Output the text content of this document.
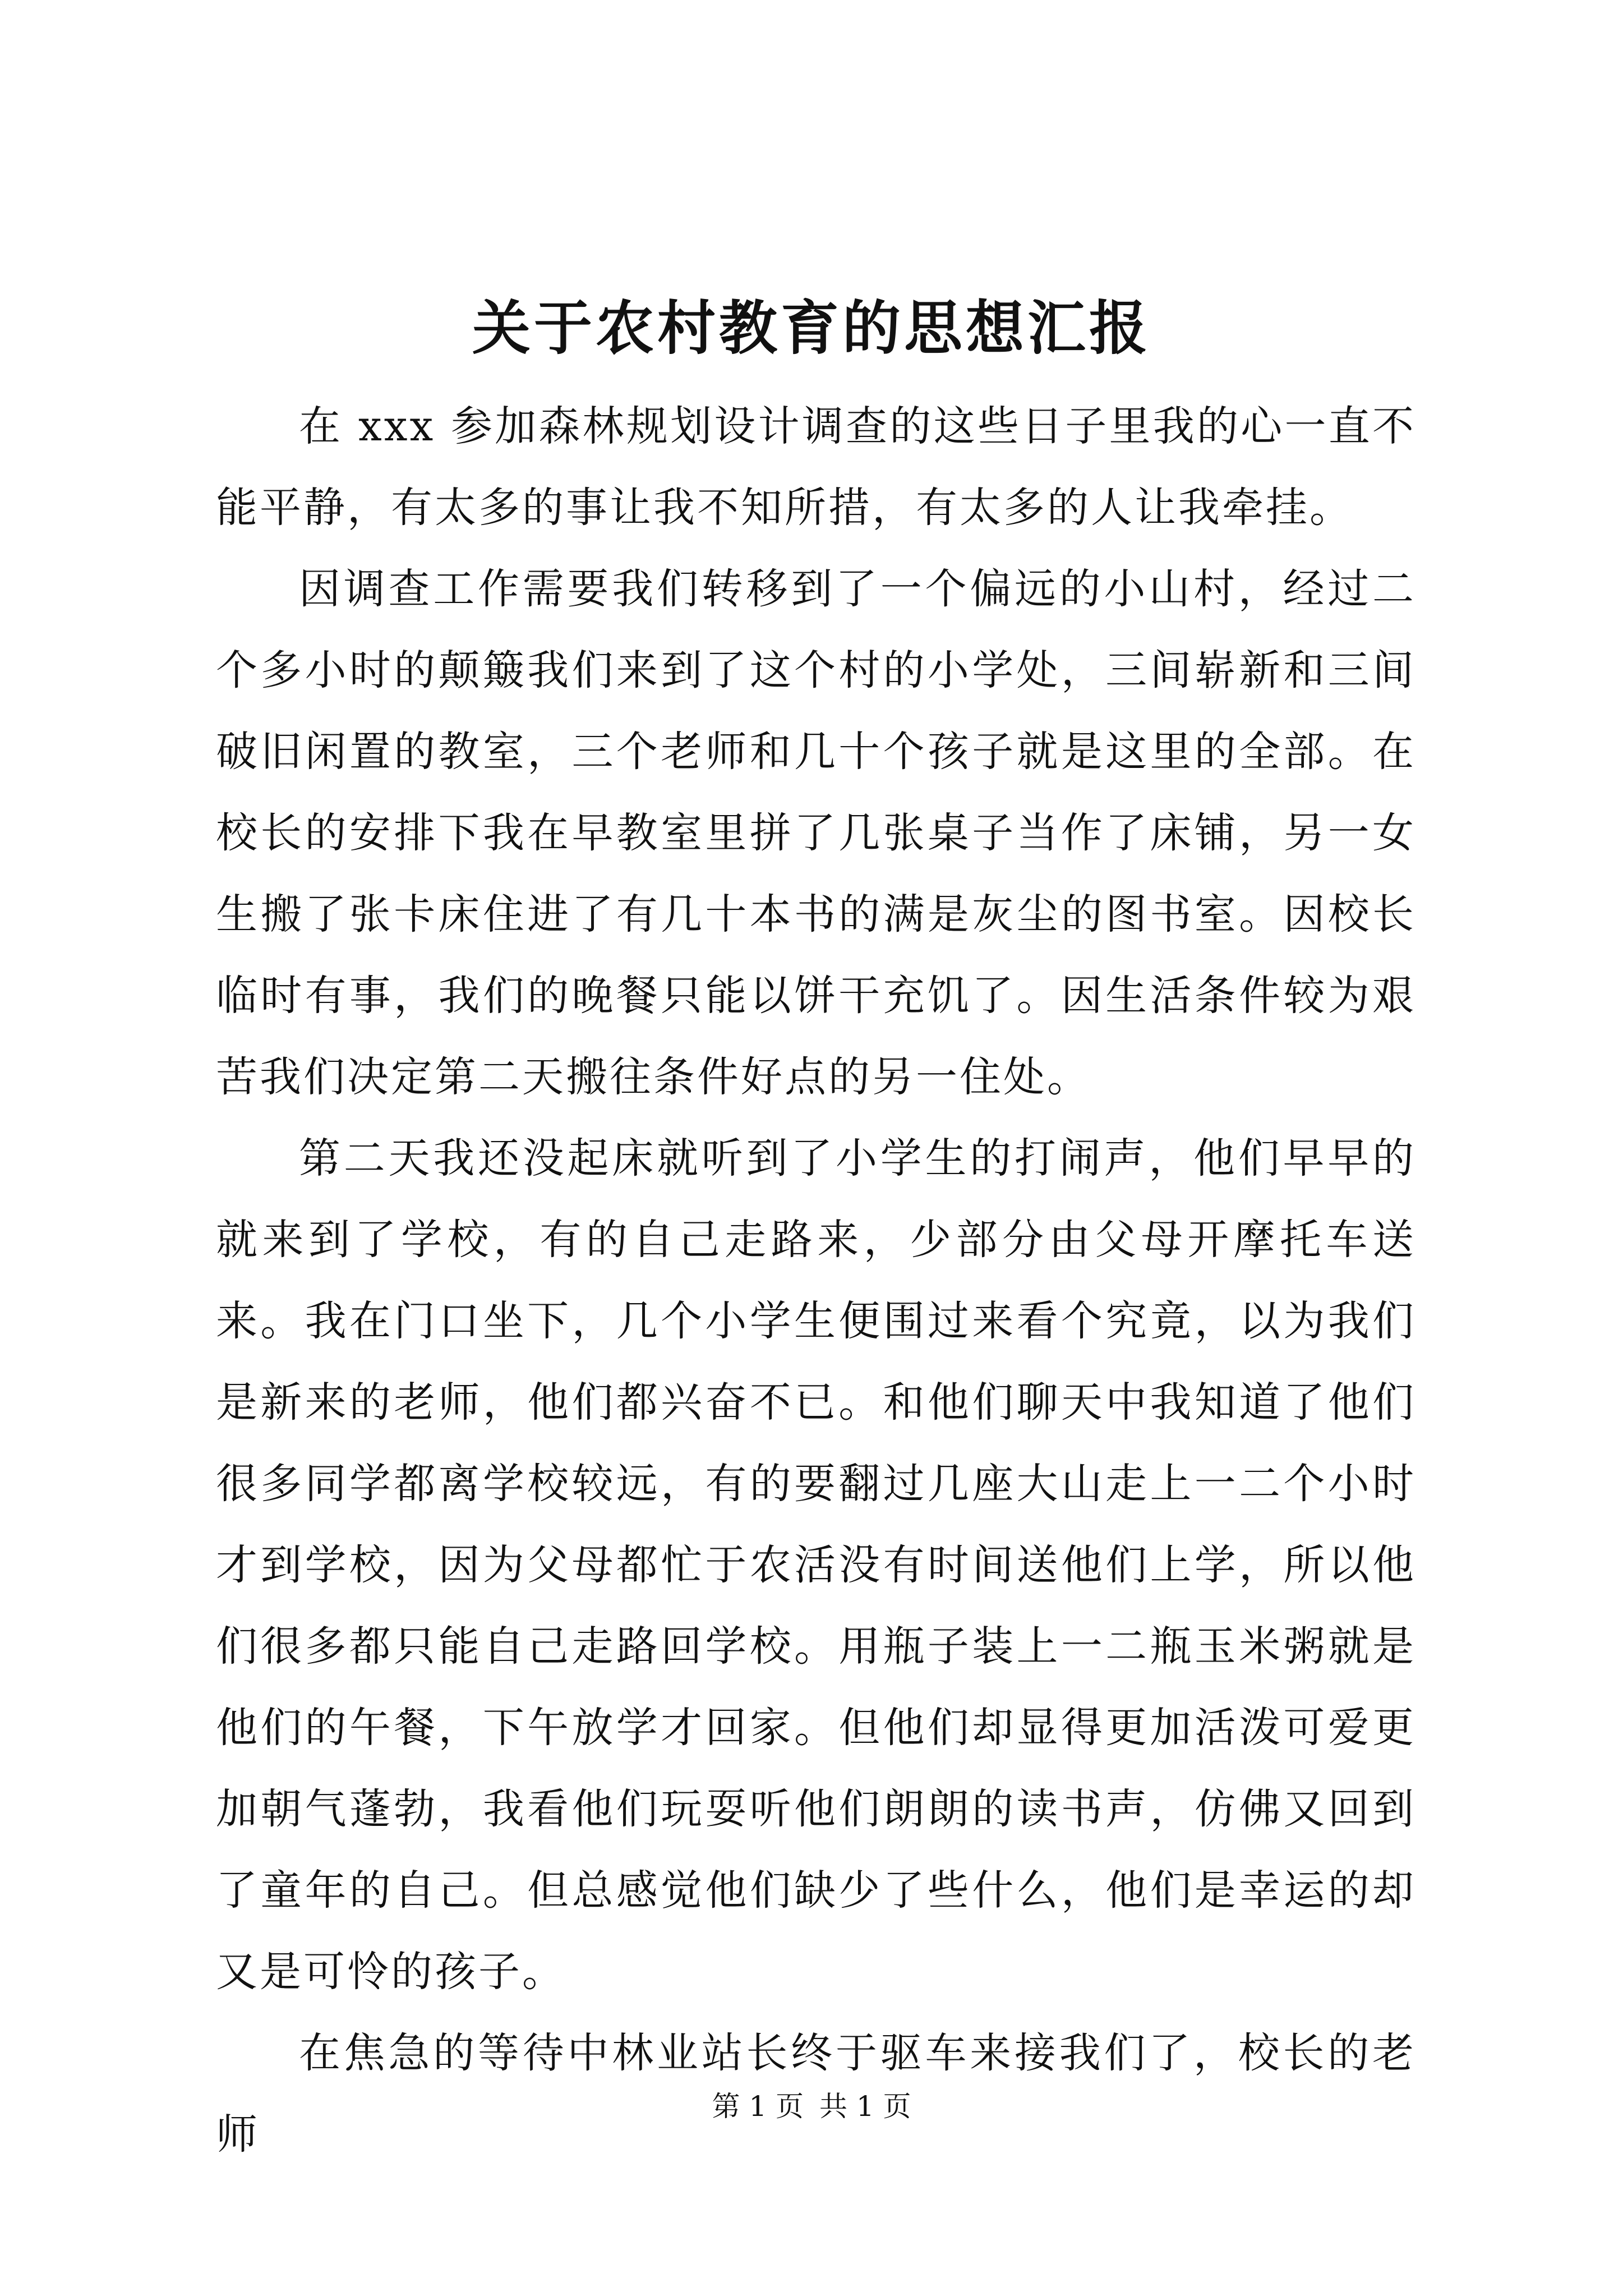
关于农村教育的思想汇报

在 xxx 参加森林规划设计调查的这些日子里我的心一直不能平静，有太多的事让我不知所措，有太多的人让我牵挂。

因调查工作需要我们转移到了一个偏远的小山村，经过二个多小时的颠簸我们来到了这个村的小学处，三间崭新和三间破旧闲置的教室，三个老师和几十个孩子就是这里的全部。在校长的安排下我在早教室里拼了几张桌子当作了床铺，另一女生搬了张卡床住进了有几十本书的满是灰尘的图书室。因校长临时有事，我们的晚餐只能以饼干充饥了。因生活条件较为艰苦我们决定第二天搬往条件好点的另一住处。

第二天我还没起床就听到了小学生的打闹声，他们早早的就来到了学校，有的自己走路来，少部分由父母开摩托车送来。我在门口坐下，几个小学生便围过来看个究竟，以为我们是新来的老师，他们都兴奋不已。和他们聊天中我知道了他们很多同学都离学校较远，有的要翻过几座大山走上一二个小时才到学校，因为父母都忙于农活没有时间送他们上学，所以他们很多都只能自己走路回学校。用瓶子装上一二瓶玉米粥就是他们的午餐，下午放学才回家。但他们却显得更加活泼可爱更加朝气蓬勃，我看他们玩耍听他们朗朗的读书声，仿佛又回到了童年的自己。但总感觉他们缺少了些什么，他们是幸运的却又是可怜的孩子。

在焦急的等待中林业站长终于驱车来接我们了，校长的老师

第 1 页 共 1 页
